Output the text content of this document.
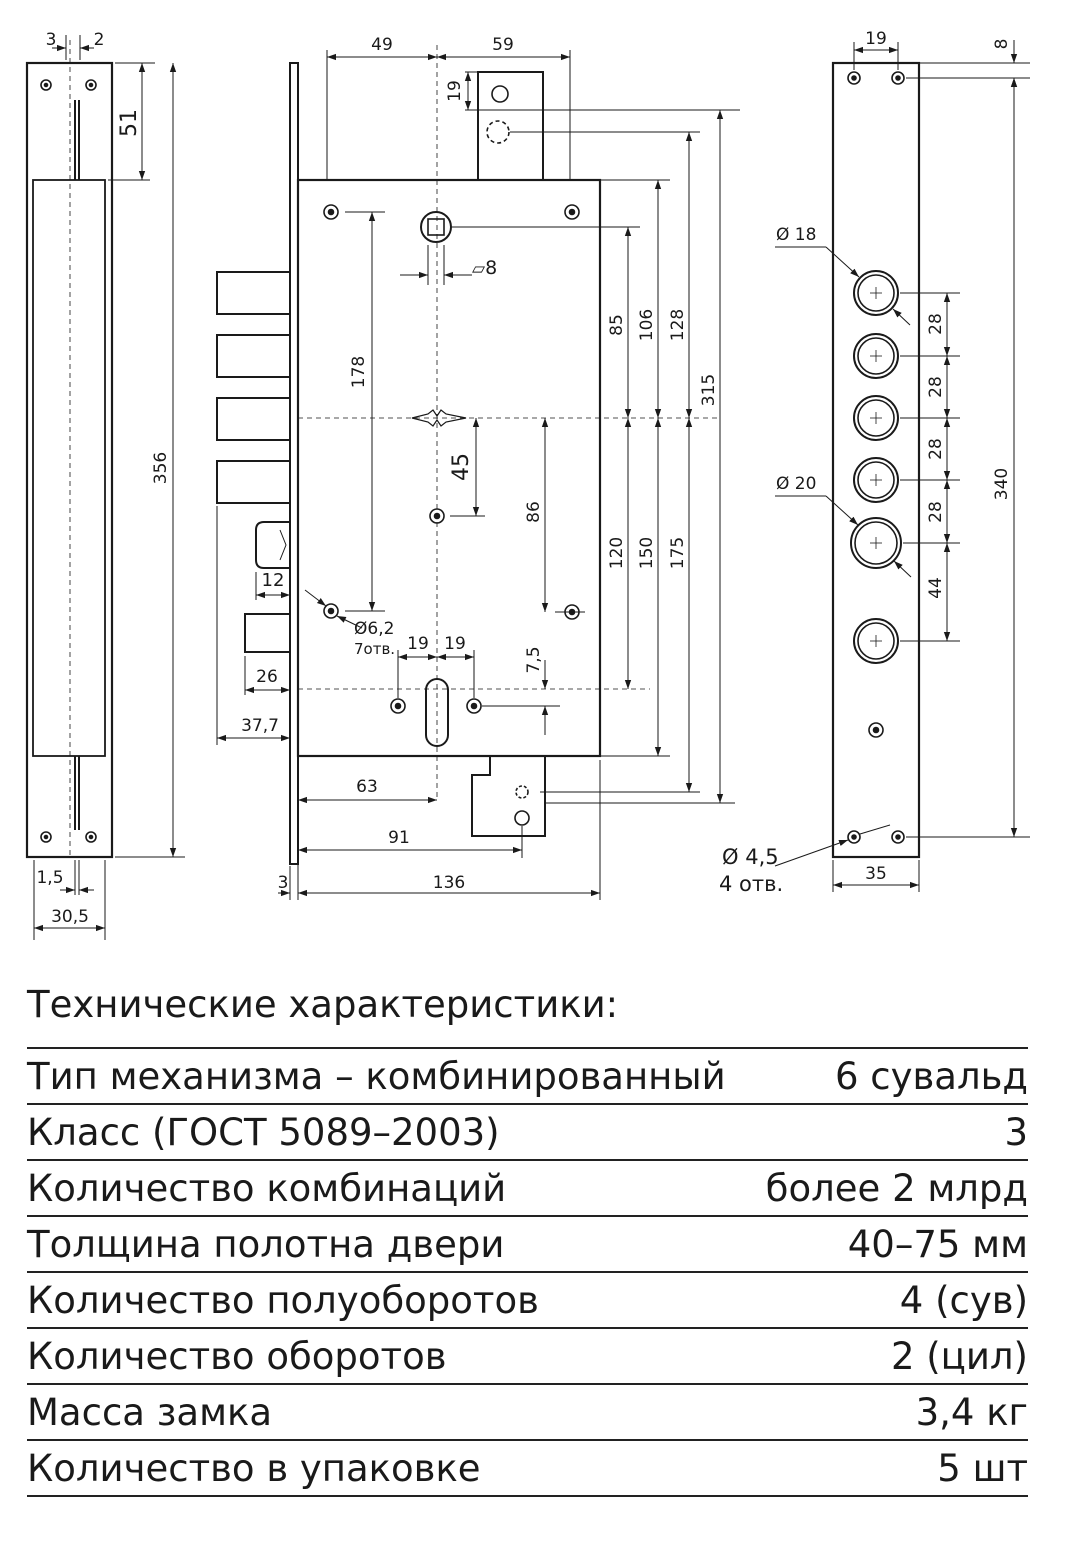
3 2
51
356
1,5
30,5
49	59
19
▱8
178
85 106 128
315
45
86
120 150 175
12
26
37,7
Ø6,2
7отв. 19 19
7,5
63
91
3	136
19	8
Ø 18
Ø 20
28
28
28
28
44
340
Ø 4,5
4 отв.	35
Технические характеристики:
Тип механизма – комбинированный	6 сувальд
Класс (ГОСТ 5089–2003)	3
Количество комбинаций	более 2 млрд
Толщина полотна двери	40–75 мм
Количество полуоборотов	4 (сув)
Количество оборотов	2 (цил)
Масса замка	3,4 кг
Количество в упаковке	5 шт
